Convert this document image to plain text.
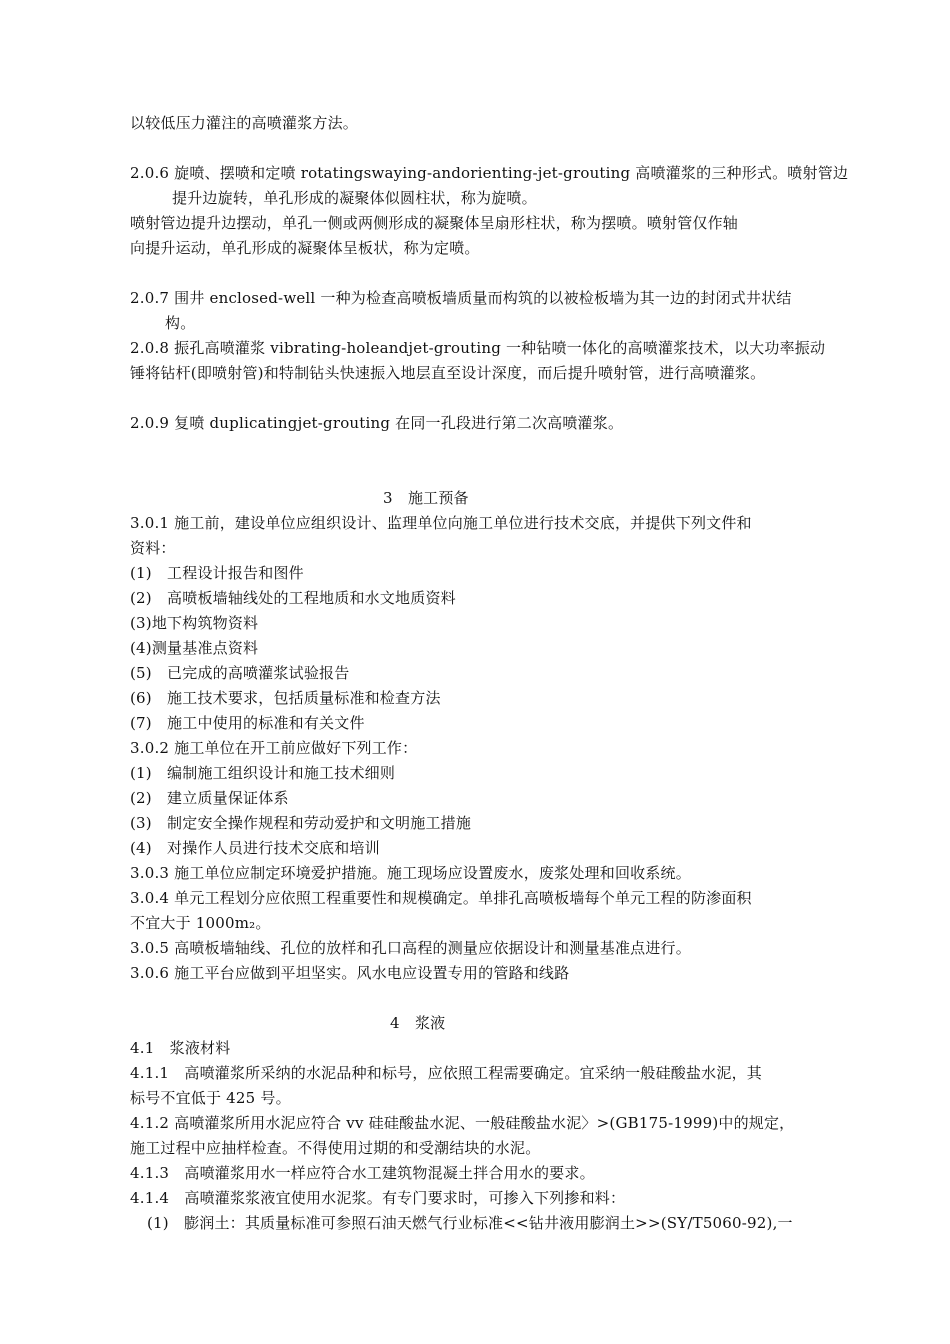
以较低压力灌注的高喷灌浆方法。
2.0.6 旋喷、摆喷和定喷 rotatingswaying-andorienting-jet-grouting 高喷灌浆的三种形式。喷射管边
提升边旋转，单孔形成的凝聚体似圆柱状，称为旋喷。
喷射管边提升边摆动，单孔一侧或两侧形成的凝聚体呈扇形柱状，称为摆喷。喷射管仅作轴
向提升运动，单孔形成的凝聚体呈板状，称为定喷。
2.0.7 围井 enclosed-well 一种为检查高喷板墙质量而构筑的以被检板墙为其一边的封闭式井状结
构。
2.0.8 振孔高喷灌浆 vibrating-holeandjet-grouting 一种钻喷一体化的高喷灌浆技术，以大功率振动
锤将钻杆(即喷射管)和特制钻头快速振入地层直至设计深度，而后提升喷射管，进行高喷灌浆。
2.0.9 复喷 duplicatingjet-grouting 在同一孔段进行第二次高喷灌浆。
3　施工预备
3.0.1 施工前，建设单位应组织设计、监理单位向施工单位进行技术交底，并提供下列文件和
资料：
(1)　工程设计报告和图件
(2)　高喷板墙轴线处的工程地质和水文地质资料
(3)地下构筑物资料
(4)测量基准点资料
(5)　已完成的高喷灌浆试验报告
(6)　施工技术要求，包括质量标准和检查方法
(7)　施工中使用的标准和有关文件
3.0.2 施工单位在开工前应做好下列工作：
(1)　编制施工组织设计和施工技术细则
(2)　建立质量保证体系
(3)　制定安全操作规程和劳动爱护和文明施工措施
(4)　对操作人员进行技术交底和培训
3.0.3 施工单位应制定环境爱护措施。施工现场应设置废水，废浆处理和回收系统。
3.0.4 单元工程划分应依照工程重要性和规模确定。单排孔高喷板墙每个单元工程的防渗面积
不宜大于 1000m₂。
3.0.5 高喷板墙轴线、孔位的放样和孔口高程的测量应依据设计和测量基准点进行。
3.0.6 施工平台应做到平坦坚实。风水电应设置专用的管路和线路
4　浆液
4.1　浆液材料
4.1.1　高喷灌浆所采纳的水泥品种和标号，应依照工程需要确定。宜采纳一般硅酸盐水泥，其
标号不宜低于 425 号。
4.1.2 高喷灌浆所用水泥应符合 vv 硅硅酸盐水泥、一般硅酸盐水泥〉>(GB175-1999)中的规定，
施工过程中应抽样检查。不得使用过期的和受潮结块的水泥。
4.1.3　高喷灌浆用水一样应符合水工建筑物混凝土拌合用水的要求。
4.1.4　高喷灌浆浆液宜使用水泥浆。有专门要求时，可掺入下列掺和料：
(1)　膨润土：其质量标准可参照石油天燃气行业标准<<钻井液用膨润土>>(SY/T5060-92),一
